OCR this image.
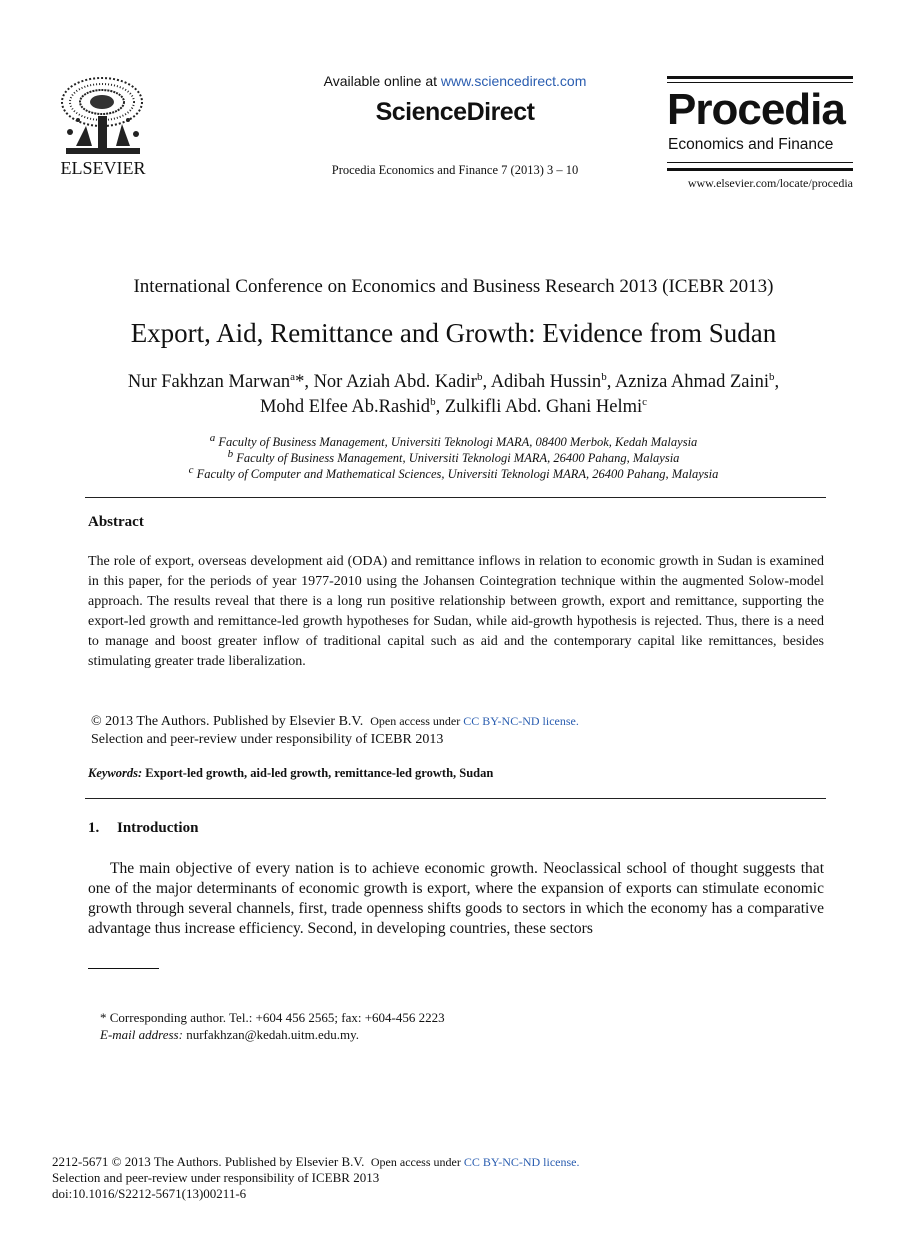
ELSEVIER
Available online at www.sciencedirect.com
ScienceDirect
Procedia Economics and Finance 7 (2013) 3 – 10
Procedia
Economics and Finance
www.elsevier.com/locate/procedia
International Conference on Economics and Business Research 2013 (ICEBR 2013)
Export, Aid, Remittance and Growth: Evidence from Sudan
Nur Fakhzan Marwan$^a$*, Nor Aziah Abd. Kadir$^b$, Adibah Hussin$^b$, Azniza Ahmad Zaini$^b$,
Mohd Elfee Ab.Rashid$^b$, Zulkifli Abd. Ghani Helmi$^c$
$^a$ Faculty of Business Management, Universiti Teknologi MARA, 08400 Merbok, Kedah Malaysia
$^b$ Faculty of Business Management, Universiti Teknologi MARA, 26400 Pahang, Malaysia
$^c$ Faculty of Computer and Mathematical Sciences, Universiti Teknologi MARA, 26400 Pahang, Malaysia
Abstract
The role of export, overseas development aid (ODA) and remittance inflows in relation to economic growth in Sudan is examined in this paper, for the periods of year 1977-2010 using the Johansen Cointegration technique within the augmented Solow-model approach. The results reveal that there is a long run positive relationship between growth, export and remittance, supporting the export-led growth and remittance-led growth hypotheses for Sudan, while aid-growth hypothesis is rejected. Thus, there is a need to manage and boost greater inflow of traditional capital such as aid and the contemporary capital like remittances, besides stimulating greater trade liberalization.
© 2013 The Authors. Published by Elsevier B.V. Open access under CC BY-NC-ND license.
Selection and peer-review under responsibility of ICEBR 2013
Keywords: Export-led growth, aid-led growth, remittance-led growth, Sudan
1. Introduction
The main objective of every nation is to achieve economic growth. Neoclassical school of thought suggests that one of the major determinants of economic growth is export, where the expansion of exports can stimulate economic growth through several channels, first, trade openness shifts goods to sectors in which the economy has a comparative advantage thus increase efficiency. Second, in developing countries, these sectors
* Corresponding author. Tel.: +604 456 2565; fax: +604-456 2223
E-mail address: nurfakhzan@kedah.uitm.edu.my.
2212-5671 © 2013 The Authors. Published by Elsevier B.V. Open access under CC BY-NC-ND license.
Selection and peer-review under responsibility of ICEBR 2013
doi:10.1016/S2212-5671(13)00211-6
